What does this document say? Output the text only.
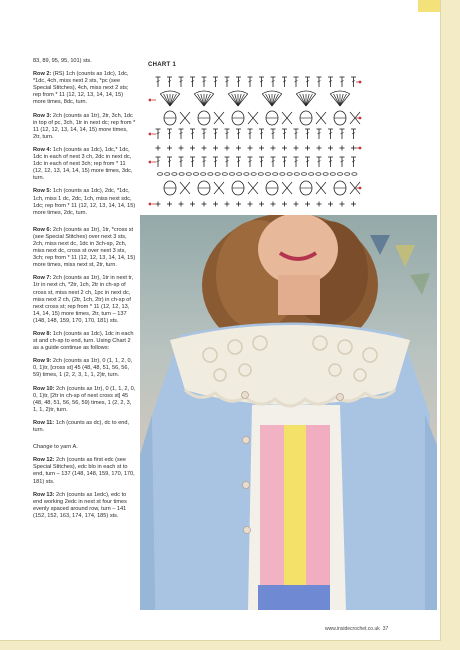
83, 89, 95, 95, 101) sts.

Row 2: (RS) 1ch (counts as 1dc), 1dc, *1dc, 4ch, miss next 2 sts, *pc (see Special Stitches), 4ch, miss next 2 sts; rep from * 11 (12, 12, 13, 14, 14, 15) more times, 8dc, turn.

Row 3: 2ch (counts as 1tr), 2tr, 3ch, 1dc in top of pc, 3ch, 1tr in next dc; rep from * 11 (12, 12, 13, 14, 14, 15) more times, 2tr, turn.

Row 4: 1ch (counts as 1dc), 1dc,* 1dc, 1dc in each of next 3 ch, 2dc in next dc, 1dc in each of next 3ch; rep from * 11 (12, 12, 13, 14, 14, 15) more times, 3dc, turn.

Row 5: 1ch (counts as 1dc), 2dc, *1dc, 1ch, miss 1 dc, 2dc, 1ch, miss next sdc, 1dc; rep from * 11 (12, 12, 13, 14, 14, 15) more times, 2dc, turn.

Row 6: 2ch (counts as 1tr), 1tr, *cross st (see Special Stitches) over next 3 sts, 2ch, miss next dc, 1dc in 3ch-sp, 2ch, miss next dc, cross st over next 3 sts, 3ch; rep from * 11 (12, 12, 13, 14, 14, 15) more times, miss next st, 2tr, turn.

Row 7: 2ch (counts as 1tr), 1tr in next tr, 1tr in next ch, *2tr, 1ch, 2tr in ch-sp of cross st, miss next 2 ch, 1pc in next dc, miss next 2 ch, (2tr, 1ch, 2tr) in ch-sp of next cross st; rep from * 11 (12, 12, 13, 14, 14, 15) more times, 2tr, turn – 137 (148, 148, 159, 170, 170, 181) sts.

Row 8: 1ch (counts as 1dc), 1dc in each st and ch-sp to end, turn. Using Chart 2 as a guide continue as follows:

Row 9: 2ch (counts as 1tr), 0 (1, 1, 2, 0, 0, 1)tr, [cross st] 45 (48, 48, 51, 56, 56, 59) times, 1 (2, 2, 3, 1, 1, 2)tr, turn.

Row 10: 2ch (counts as 1tr), 0 (1, 1, 2, 0, 0, 1)tr, [2tr in ch-sp of next cross st] 45 (48, 48, 51, 56, 56, 59) times, 1 (2, 2, 3, 1, 1, 2)tr, turn.

Row 11: 1ch (counts as dc), dc to end, turn.

Change to yarn A.

Row 12: 2ch (counts as first edc (see Special Stitches), edc blo in each st to end, turn – 137 (148, 148, 159, 170, 170, 181) sts.

Row 13: 2ch (counts as 1edc), edc to end working 2edc in next st four times evenly spaced around row, turn – 141 (152, 152, 163, 174, 174, 185) sts.

CHART 1
www.insidecrochet.co.uk 37
